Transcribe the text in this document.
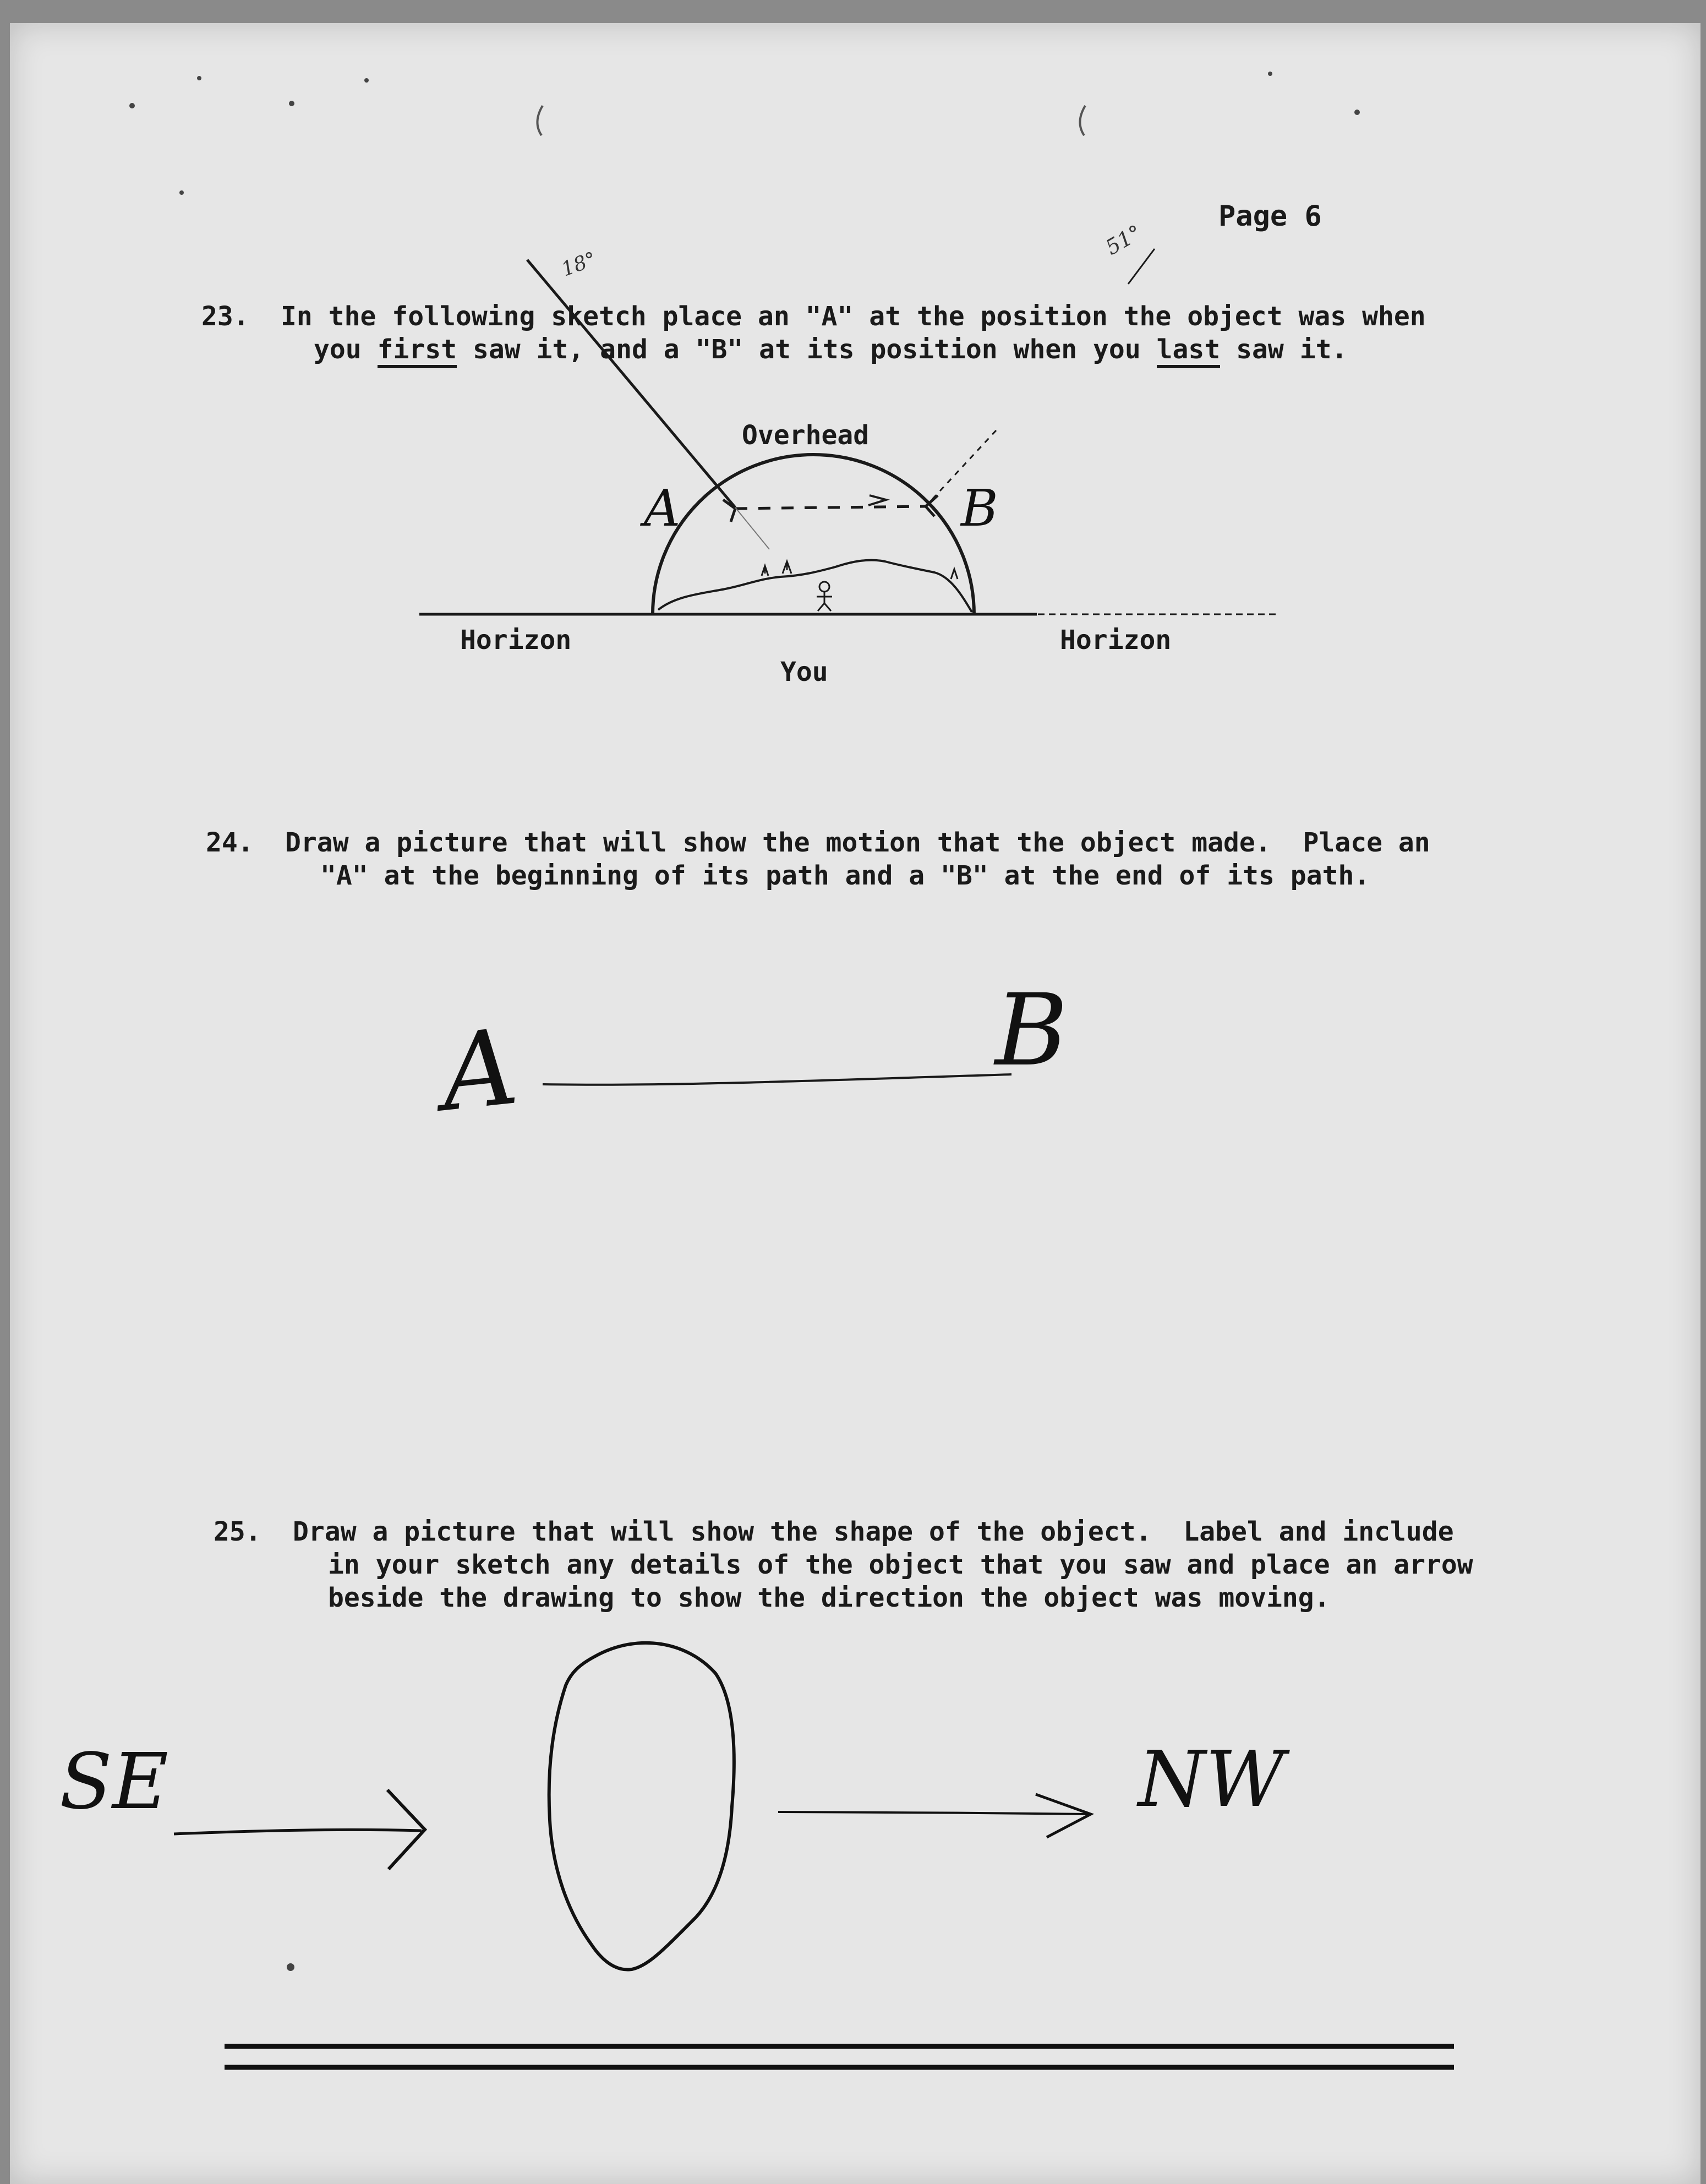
Page 6

23. In the following sketch place an "A" at the position the object was when

you first saw it, and a "B" at its position when you last saw it.

Overhead

Horizon	Horizon

You

A	B
18°
51°

24. Draw a picture that will show the motion that the object made.  Place an

"A" at the beginning of its path and a "B" at the end of its path.

A	B

25. Draw a picture that will show the shape of the object.  Label and include

in your sketch any details of the object that you saw and place an arrow

beside the drawing to show the direction the object was moving.

SE	NW
